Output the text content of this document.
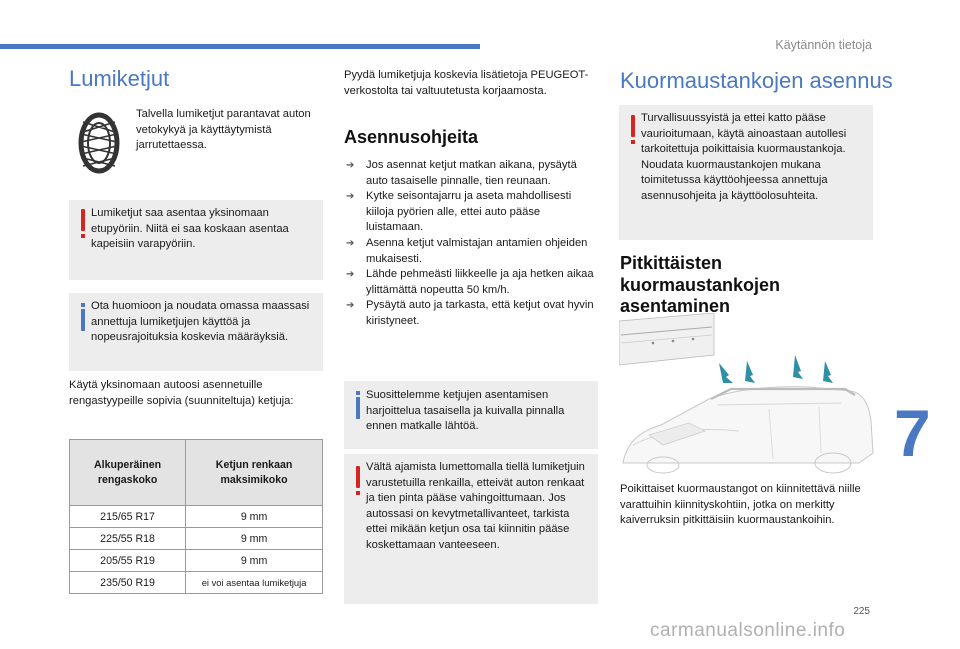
Käytännön tietoja
7
Lumiketjut
Talvella lumiketjut parantavat auton vetokykyä ja käyttäytymistä jarrutettaessa.
Lumiketjut saa asentaa yksinomaan etupyöriin. Niitä ei saa koskaan asentaa kapeisiin varapyöriin.
Ota huomioon ja noudata omassa maassasi annettuja lumiketjujen käyttöä ja nopeusrajoituksia koskevia määräyksiä.
Käytä yksinomaan autoosi asennetuille rengastyypeille sopivia (suunniteltuja) ketjuja:
Alkuperäinen rengaskoko	Ketjun renkaan maksimikoko
215/65 R17	9 mm
225/55 R18	9 mm
205/55 R19	9 mm
235/50 R19	ei voi asentaa lumiketjuja
Pyydä lumiketjuja koskevia lisätietoja PEUGEOT-verkostolta tai valtuutetusta korjaamosta.
Asennusohjeita
➔ Jos asennat ketjut matkan aikana, pysäytä auto tasaiselle pinnalle, tien reunaan.
➔ Kytke seisontajarru ja aseta mahdollisesti kiiloja pyörien alle, ettei auto pääse luistamaan.
➔ Asenna ketjut valmistajan antamien ohjeiden mukaisesti.
➔ Lähde pehmeästi liikkeelle ja aja hetken aikaa ylittämättä nopeutta 50 km/h.
➔ Pysäytä auto ja tarkasta, että ketjut ovat hyvin kiristyneet.
Suosittelemme ketjujen asentamisen harjoittelua tasaisella ja kuivalla pinnalla ennen matkalle lähtöä.
Vältä ajamista lumettomalla tiellä lumiketjuin varustetuilla renkailla, etteivät auton renkaat ja tien pinta pääse vahingoittumaan. Jos autossasi on kevytmetallivanteet, tarkista ettei mikään ketjun osa tai kiinnitin pääse koskettamaan vanteeseen.
Kuormaustankojen asennus
Turvallisuussyistä ja ettei katto pääse vaurioitumaan, käytä ainoastaan autollesi tarkoitettuja poikittaisia kuormaustankoja. Noudata kuormaustankojen mukana toimitetussa käyttöohjeessa annettuja asennusohjeita ja käyttöolosuhteita.
Pitkittäisten kuormaustankojen asentaminen
Poikittaiset kuormaustangot on kiinnitettävä niille varattuihin kiinnityskohtiin, jotka on merkitty kaiverruksin pitkittäisiin kuormaustankoihin.
225
carmanualsonline.info
